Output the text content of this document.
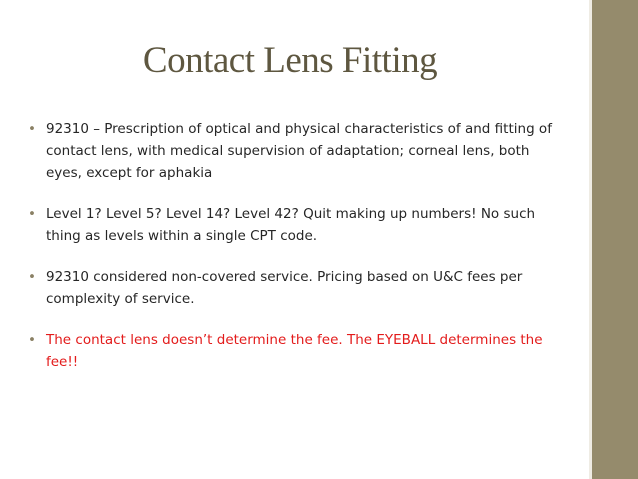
Contact Lens Fitting
• 92310 – Prescription of optical and physical characteristics of and fitting of contact lens, with medical supervision of adaptation; corneal lens, both eyes, except for aphakia
• Level 1? Level 5? Level 14? Level 42? Quit making up numbers! No such thing as levels within a single CPT code.
• 92310 considered non-covered service. Pricing based on U&C fees per complexity of service.
• The contact lens doesn’t determine the fee. The EYEBALL determines the fee!!
